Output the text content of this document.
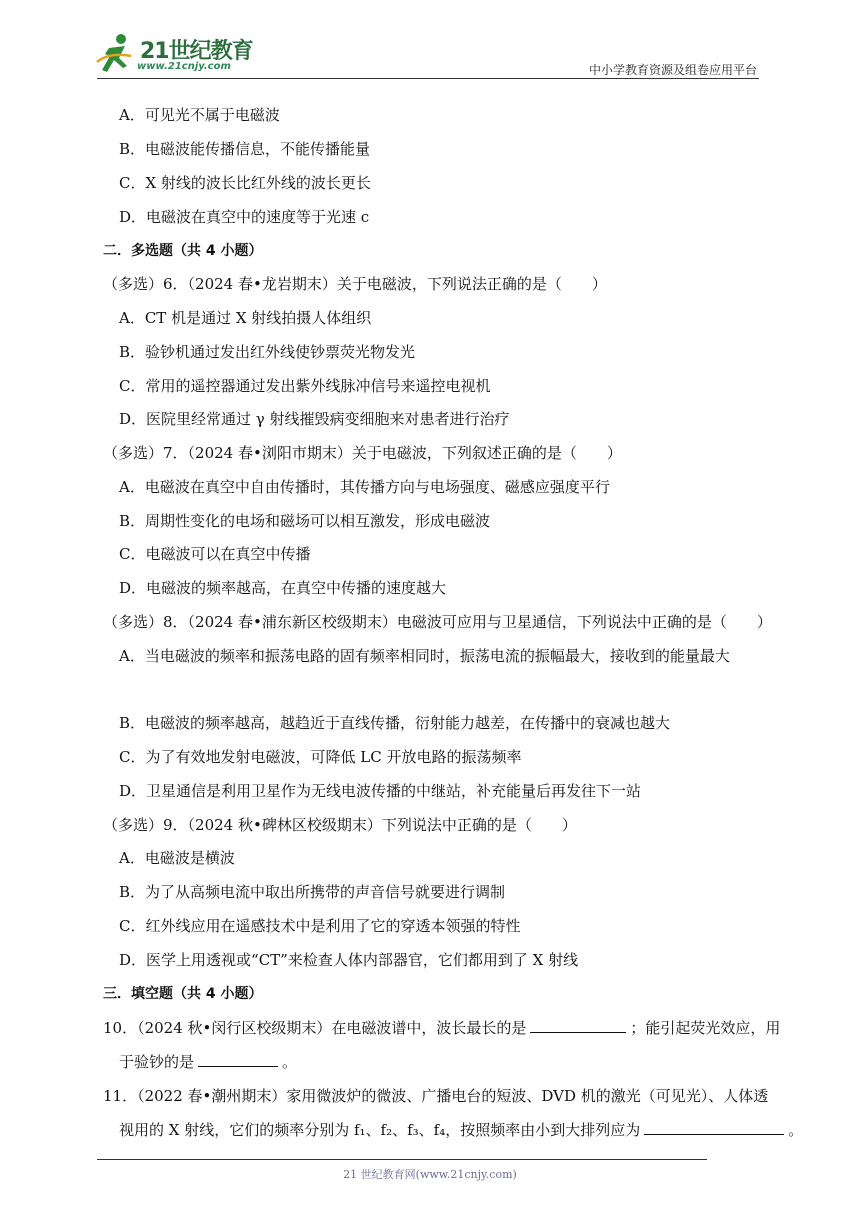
21世纪教育
www.21cnjy.com	中小学教育资源及组卷应用平台
A．可见光不属于电磁波
B．电磁波能传播信息，不能传播能量
C．X 射线的波长比红外线的波长更长
D．电磁波在真空中的速度等于光速 c
二．多选题（共 4 小题）
（多选）6．（2024 春•龙岩期末）关于电磁波，下列说法正确的是（　　）
A．CT 机是通过 X 射线拍摄人体组织
B．验钞机通过发出红外线使钞票荧光物发光
C．常用的遥控器通过发出紫外线脉冲信号来遥控电视机
D．医院里经常通过 γ 射线摧毁病变细胞来对患者进行治疗
（多选）7．（2024 春•浏阳市期末）关于电磁波，下列叙述正确的是（　　）
A．电磁波在真空中自由传播时，其传播方向与电场强度、磁感应强度平行
B．周期性变化的电场和磁场可以相互激发，形成电磁波
C．电磁波可以在真空中传播
D．电磁波的频率越高，在真空中传播的速度越大
（多选）8．（2024 春•浦东新区校级期末）电磁波可应用与卫星通信，下列说法中正确的是（　　）
A．当电磁波的频率和振荡电路的固有频率相同时，振荡电流的振幅最大，接收到的能量最大
B．电磁波的频率越高，越趋近于直线传播，衍射能力越差，在传播中的衰减也越大
C．为了有效地发射电磁波，可降低 LC 开放电路的振荡频率
D．卫星通信是利用卫星作为无线电波传播的中继站，补充能量后再发往下一站
（多选）9．（2024 秋•碑林区校级期末）下列说法中正确的是（　　）
A．电磁波是横波
B．为了从高频电流中取出所携带的声音信号就要进行调制
C．红外线应用在遥感技术中是利用了它的穿透本领强的特性
D．医学上用透视或“CT”来检查人体内部器官，它们都用到了 X 射线
三．填空题（共 4 小题）
10．（2024 秋•闵行区校级期末）在电磁波谱中，波长最长的是	；能引起荧光效应，用
于验钞的是	。
11．（2022 春•潮州期末）家用微波炉的微波、广播电台的短波、DVD 机的激光（可见光）、人体透
视用的 X 射线，它们的频率分别为 f₁、f₂、f₃、f₄，按照频率由小到大排列应为	。
21 世纪教育网(www.21cnjy.com)
